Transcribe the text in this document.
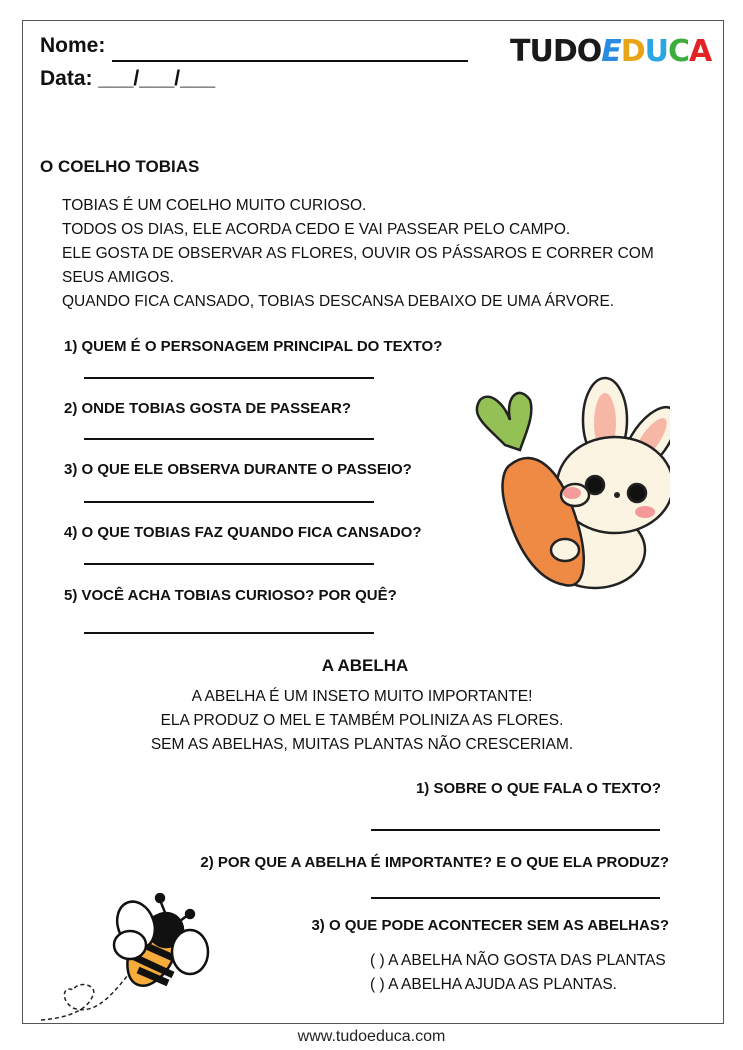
Nome:
Data: ___/___/___
TUDOEDUCA
O COELHO TOBIAS
TOBIAS É UM COELHO MUITO CURIOSO.
TODOS OS DIAS, ELE ACORDA CEDO E VAI PASSEAR PELO CAMPO.
ELE GOSTA DE OBSERVAR AS FLORES, OUVIR OS PÁSSAROS E CORRER COM
SEUS AMIGOS.
QUANDO FICA CANSADO, TOBIAS DESCANSA DEBAIXO DE UMA ÁRVORE.
1) QUEM É O PERSONAGEM PRINCIPAL DO TEXTO?
2) ONDE TOBIAS GOSTA DE PASSEAR?
3) O QUE ELE OBSERVA DURANTE O PASSEIO?
4) O QUE TOBIAS FAZ QUANDO FICA CANSADO?
5) VOCÊ ACHA TOBIAS CURIOSO? POR QUÊ?
A ABELHA
A ABELHA É UM INSETO MUITO IMPORTANTE!
ELA PRODUZ O MEL E TAMBÉM POLINIZA AS FLORES.
SEM AS ABELHAS, MUITAS PLANTAS NÃO CRESCERIAM.
1) SOBRE O QUE FALA O TEXTO?
2) POR QUE A ABELHA É IMPORTANTE? E O QUE ELA PRODUZ?
3) O QUE PODE ACONTECER SEM AS ABELHAS?
( ) A ABELHA NÃO GOSTA DAS PLANTAS
( ) A ABELHA AJUDA AS PLANTAS.
www.tudoeduca.com
